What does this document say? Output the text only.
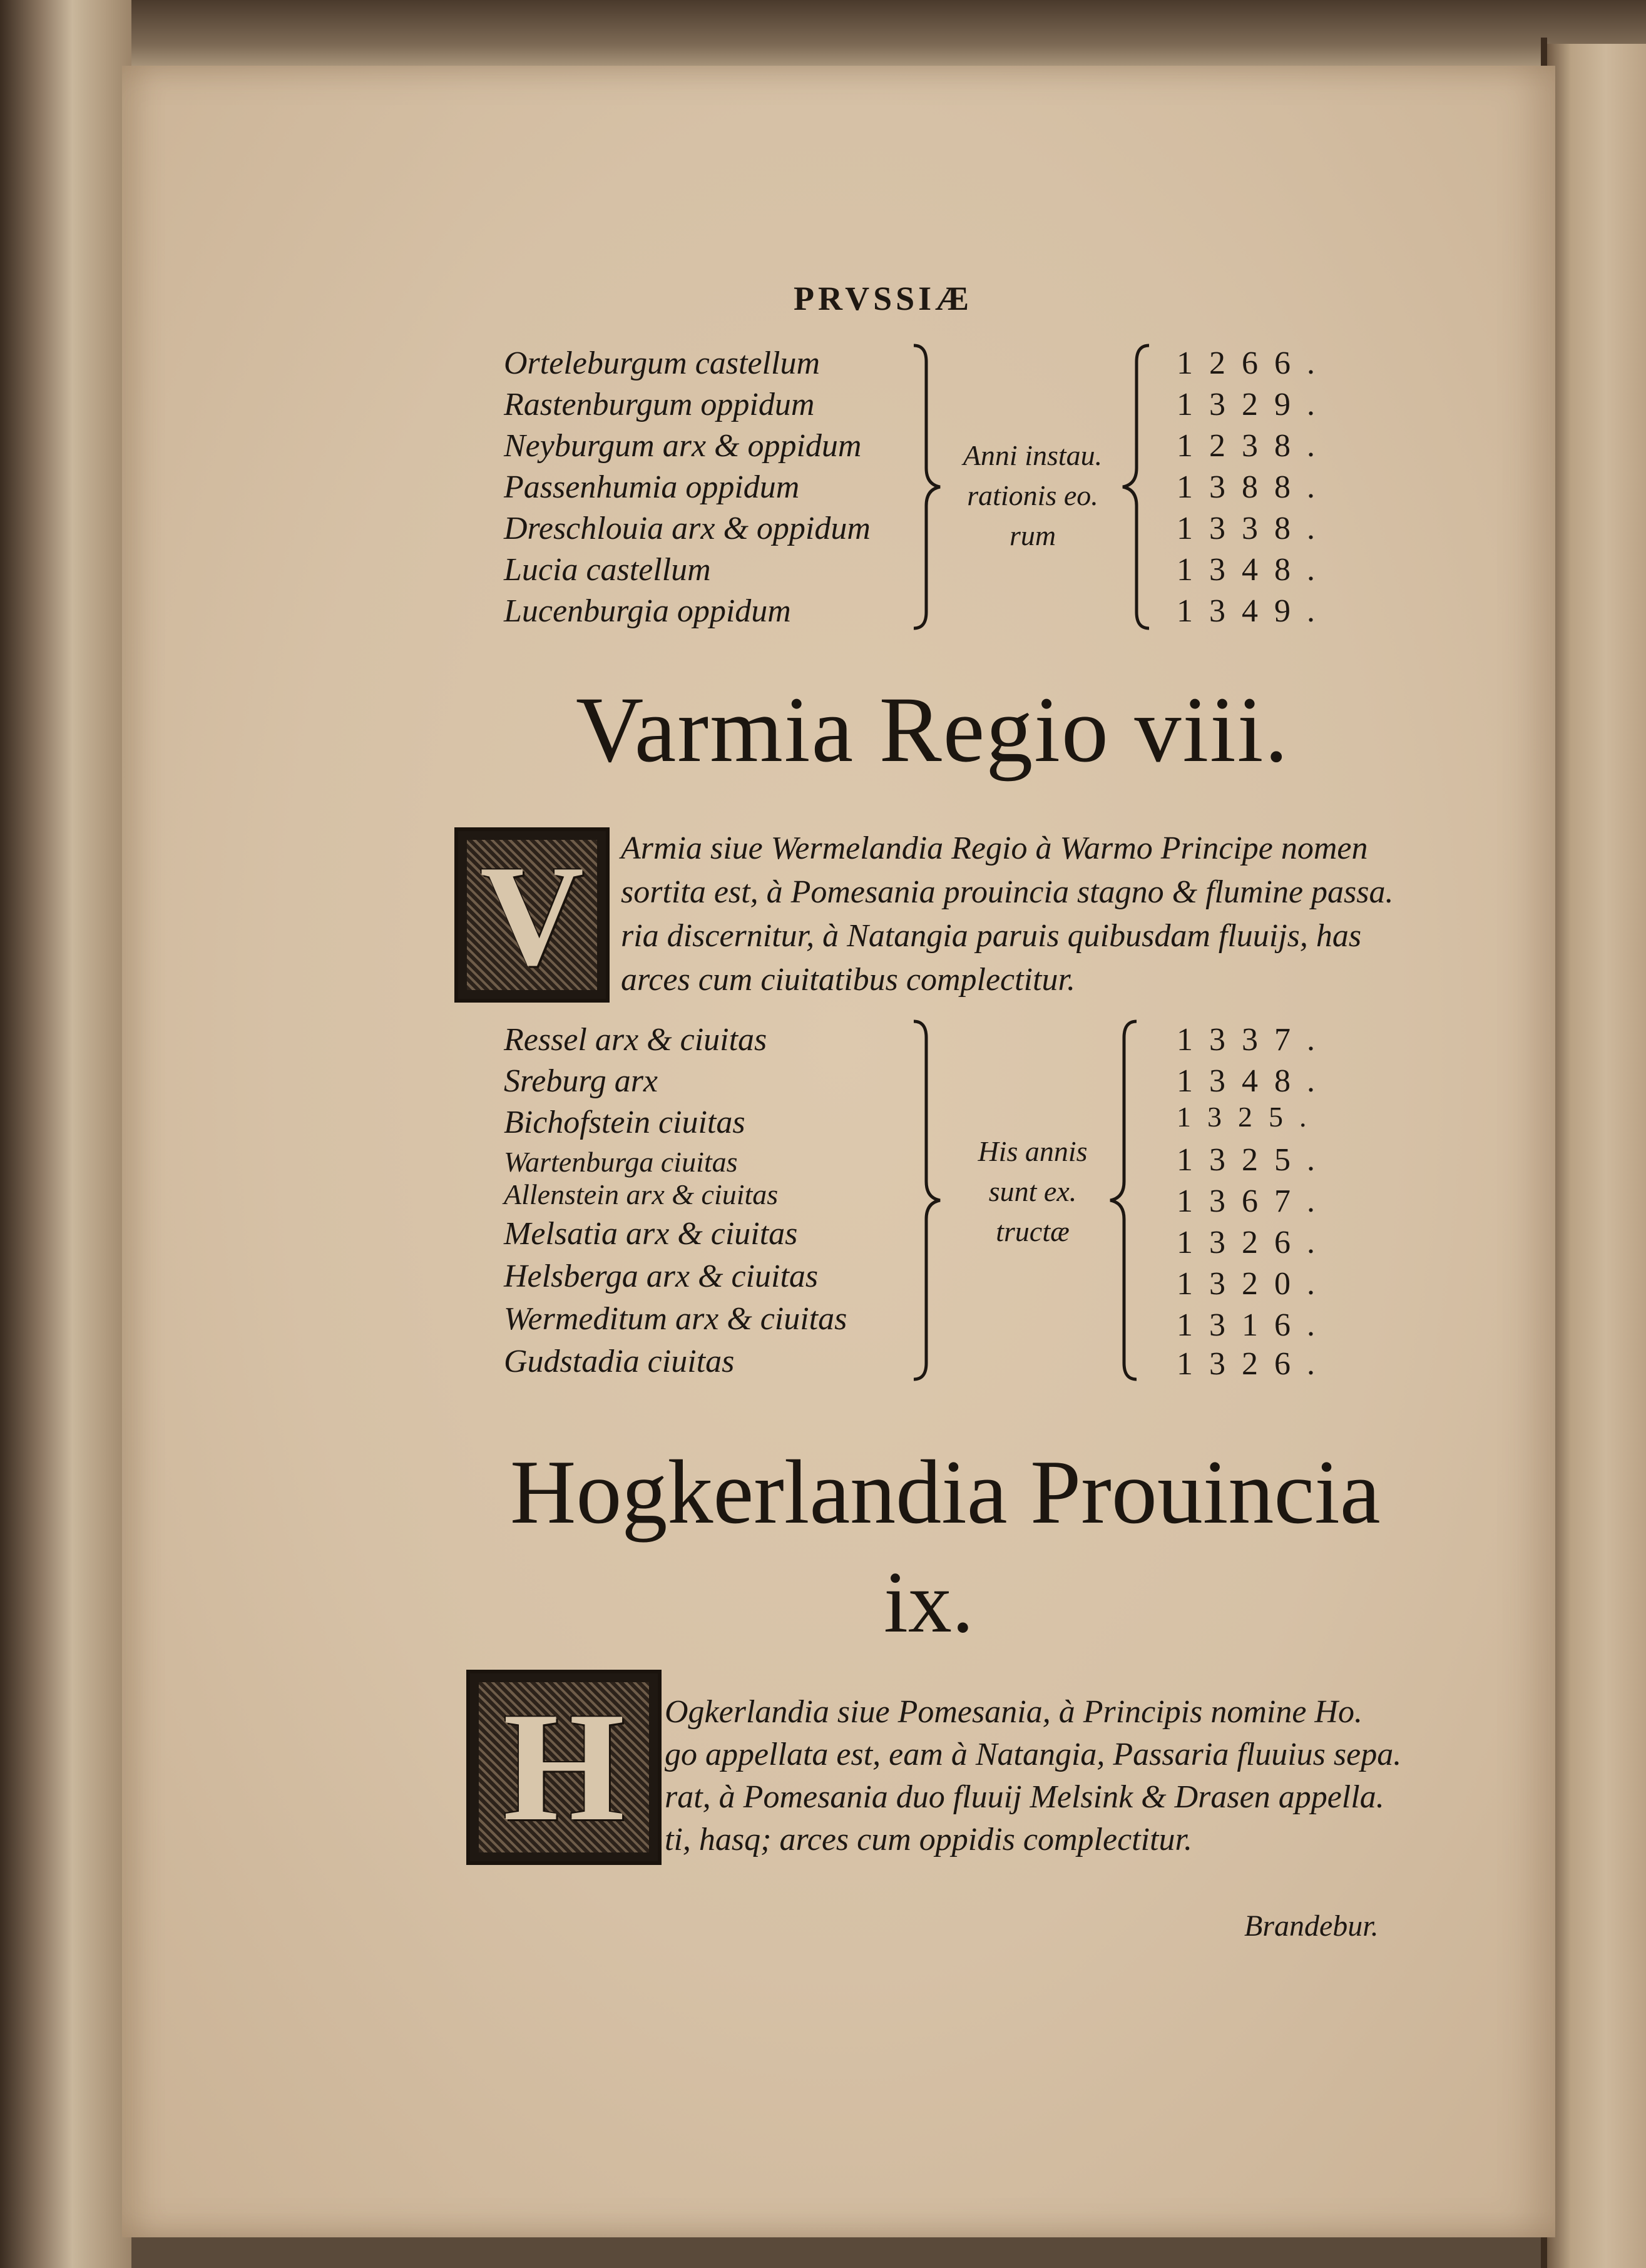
PRVSSIÆ
Orteleburgum castellum
Rastenburgum oppidum
Neyburgum arx & oppidum
Passenhumia oppidum
Dreschlouia arx & oppidum
Lucia castellum
Lucenburgia oppidum
Anni instau.
rationis eo.
rum
1266.
1329.
1238.
1388.
1338.
1348.
1349.
Varmia Regio viii.
V	Armia siue Wermelandia Regio à Warmo Principe nomen
sortita est, à Pomesania prouincia stagno & flumine passa.
ria discernitur, à Natangia paruis quibusdam fluuijs, has
arces cum ciuitatibus complectitur.
Ressel arx & ciuitas
Sreburg arx
Bichofstein ciuitas
Wartenburga ciuitas
Allenstein arx & ciuitas
Melsatia arx & ciuitas
Helsberga arx & ciuitas
Wermeditum arx & ciuitas
Gudstadia ciuitas
His annis
sunt ex.
tructæ
1337.
1348.
1325.
1325.
1367.
1326.
1320.
1316.
1326.
Hogkerlandia Prouincia
ix.
H	Ogkerlandia siue Pomesania, à Principis nomine Ho.
go appellata est, eam à Natangia, Passaria fluuius sepa.
rat, à Pomesania duo fluuij Melsink & Drasen appella.
ti, hasq; arces cum oppidis complectitur.
Brandebur.
